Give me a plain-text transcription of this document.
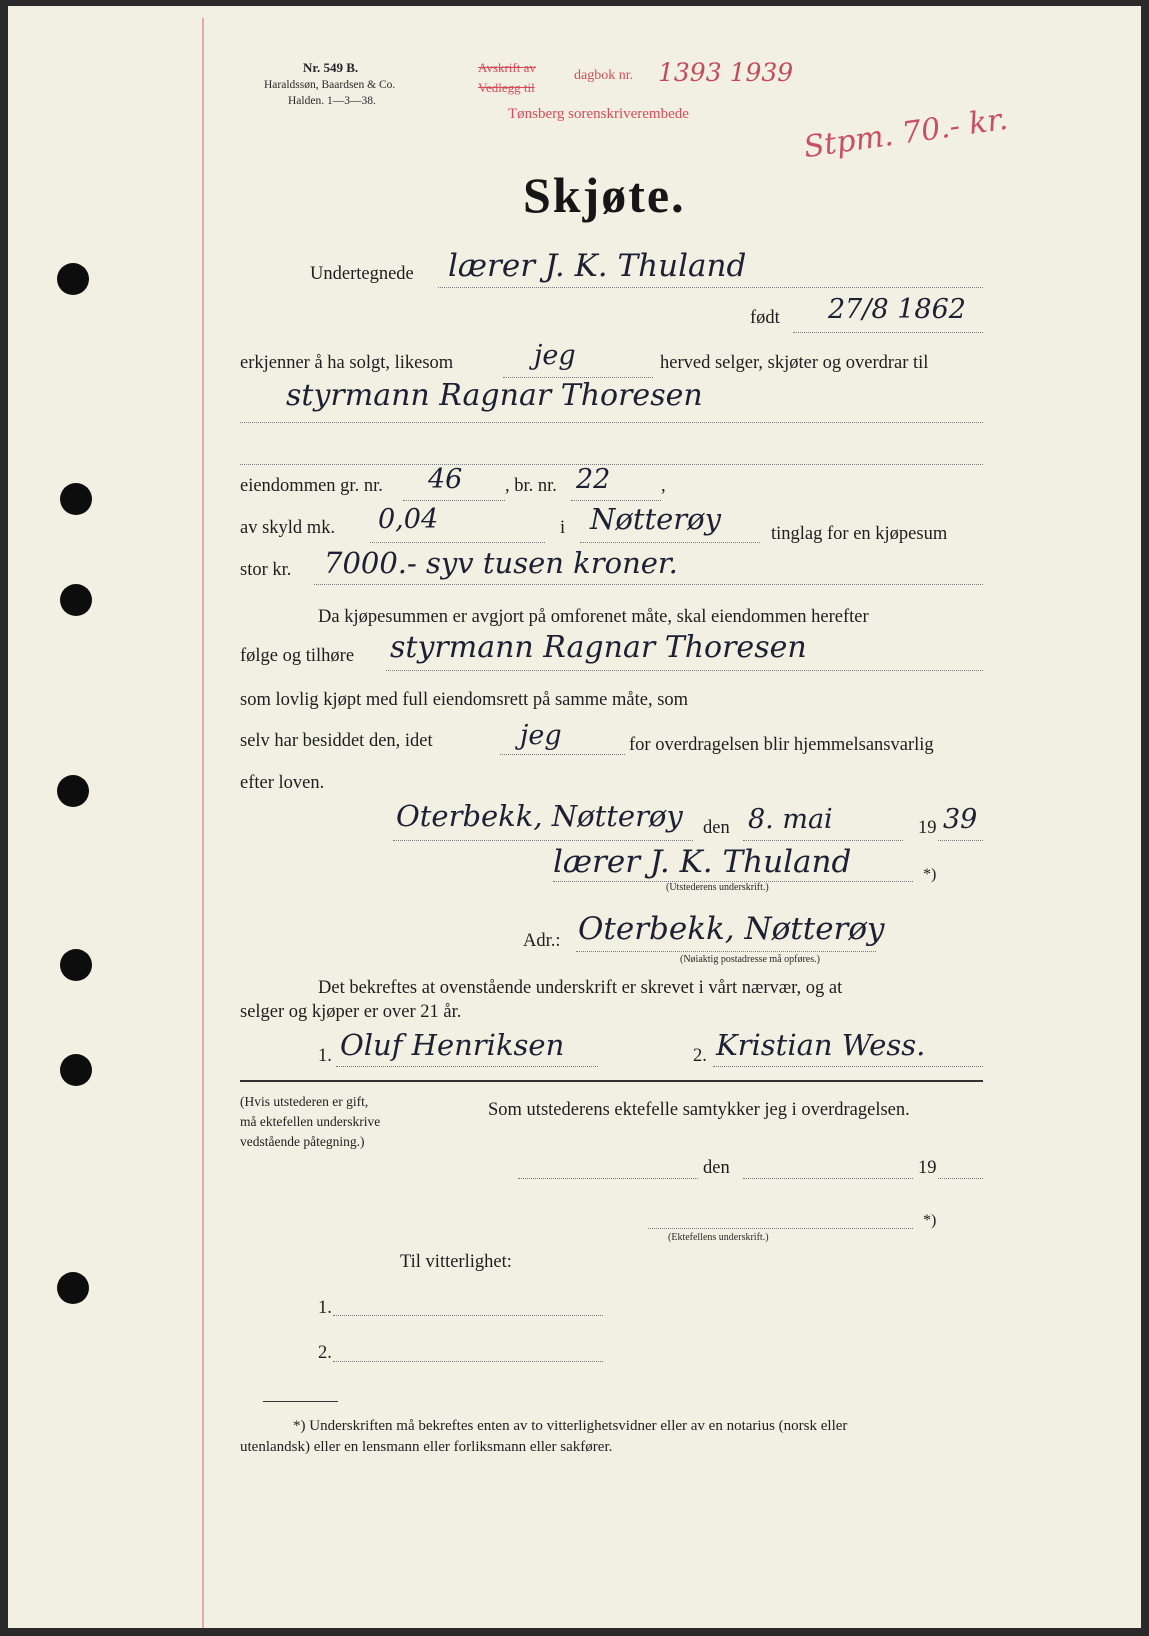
Nr. 549 B.
Haraldssøn, Baardsen & Co.
Halden. 1—3—38.
Avskrift av
Vedlegg til
dagbok nr. 1393 1939
Tønsberg sorenskriverembede	Stpm. 70.- kr.
Skjøte.
Undertegnede lærer J. K. Thuland
født 27/8 1862
erkjenner å ha solgt, likesom	jeg	herved selger, skjøter og overdrar til
styrmann Ragnar Thoresen
eiendommen gr. nr. 46 , br. nr. 22	,
av skyld mk. 0,04	i Nøtterøy	tinglag for en kjøpesum
stor kr. 7000.- syv tusen kroner.
Da kjøpesummen er avgjort på omforenet måte, skal eiendommen herefter
følge og tilhøre styrmann Ragnar Thoresen
som lovlig kjøpt med full eiendomsrett på samme måte, som
selv har besiddet den, idet	jeg	for overdragelsen blir hjemmelsansvarlig
efter loven.
Oterbekk, Nøtterøy den 8. mai	19 39
lærer J. K. Thuland	*)
(Utstederens underskrift.)
Adr.: Oterbekk, Nøtterøy
(Nøiaktig postadresse må opføres.)
Det bekreftes at ovenstående underskrift er skrevet i vårt nærvær, og at
selger og kjøper er over 21 år.
1. Oluf Henriksen	2. Kristian Wess.
(Hvis utstederen er gift,
må ektefellen underskrive
vedstående påtegning.)
Som utstederens ektefelle samtykker jeg i overdragelsen.
den	19
*)
(Ektefellens underskrift.)
Til vitterlighet:
1.
2.
*) Underskriften må bekreftes enten av to vitterlighetsvidner eller av en notarius (norsk eller
utenlandsk) eller en lensmann eller forliksmann eller sakfører.
